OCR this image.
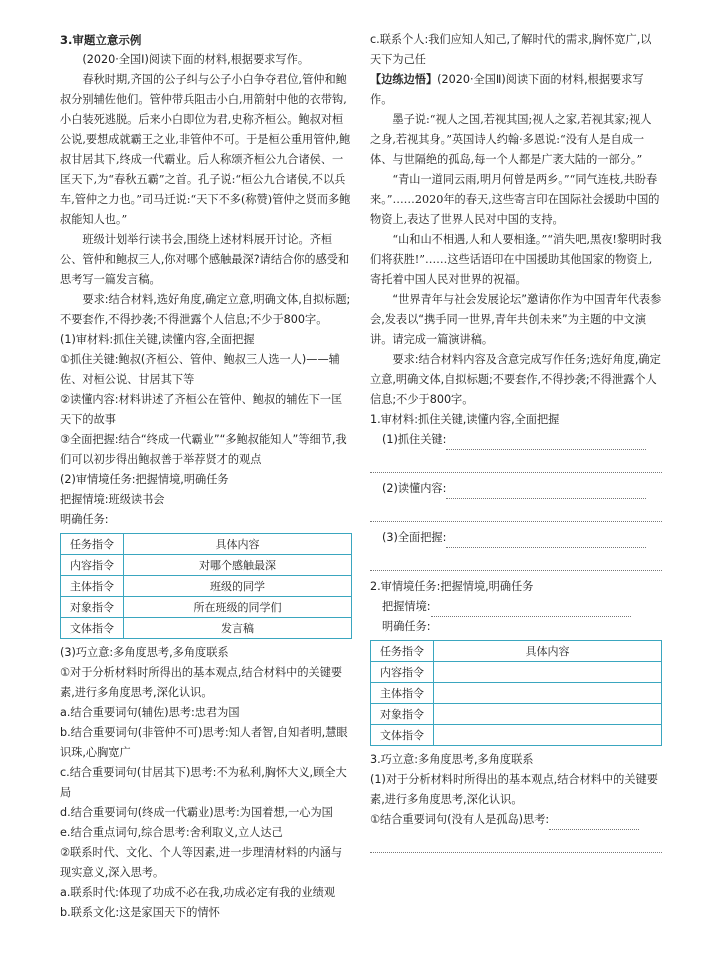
3.审题立意示例

(2020·全国Ⅰ)阅读下面的材料,根据要求写作。

春秋时期,齐国的公子纠与公子小白争夺君位,管仲和鲍叔分别辅佐他们。管仲带兵阻击小白,用箭射中他的衣带钩,小白装死逃脱。后来小白即位为君,史称齐桓公。鲍叔对桓公说,要想成就霸王之业,非管仲不可。于是桓公重用管仲,鲍叔甘居其下,终成一代霸业。后人称颂齐桓公九合诸侯、一匡天下,为“春秋五霸”之首。孔子说:“桓公九合诸侯,不以兵车,管仲之力也。”司马迁说:“天下不多(称赞)管仲之贤而多鲍叔能知人也。”

班级计划举行读书会,围绕上述材料展开讨论。齐桓公、管仲和鲍叔三人,你对哪个感触最深?请结合你的感受和思考写一篇发言稿。

要求:结合材料,选好角度,确定立意,明确文体,自拟标题;不要套作,不得抄袭;不得泄露个人信息;不少于800字。

(1)审材料:抓住关键,读懂内容,全面把握

①抓住关键:鲍叔(齐桓公、管仲、鲍叔三人选一人)——辅佐、对桓公说、甘居其下等

②读懂内容:材料讲述了齐桓公在管仲、鲍叔的辅佐下一匡天下的故事

③全面把握:结合“终成一代霸业”“多鲍叔能知人”等细节,我们可以初步得出鲍叔善于举荐贤才的观点

(2)审情境任务:把握情境,明确任务

把握情境:班级读书会

明确任务:

任务指令	具体内容
内容指令	对哪个感触最深
主体指令	班级的同学
对象指令	所在班级的同学们
文体指令	发言稿

(3)巧立意:多角度思考,多角度联系

①对于分析材料时所得出的基本观点,结合材料中的关键要素,进行多角度思考,深化认识。

a.结合重要词句(辅佐)思考:忠君为国

b.结合重要词句(非管仲不可)思考:知人者智,自知者明,慧眼识珠,心胸宽广

c.结合重要词句(甘居其下)思考:不为私利,胸怀大义,顾全大局

d.结合重要词句(终成一代霸业)思考:为国着想,一心为国

e.结合重点词句,综合思考:舍利取义,立人达己

②联系时代、文化、个人等因素,进一步理清材料的内涵与现实意义,深入思考。

a.联系时代:体现了功成不必在我,功成必定有我的业绩观

b.联系文化:这是家国天下的情怀

c.联系个人:我们应知人知己,了解时代的需求,胸怀宽广,以天下为己任

【边练边悟】(2020·全国Ⅱ)阅读下面的材料,根据要求写作。

墨子说:“视人之国,若视其国;视人之家,若视其家;视人之身,若视其身。”英国诗人约翰·多恩说:“没有人是自成一体、与世隔绝的孤岛,每一个人都是广袤大陆的一部分。”

“青山一道同云雨,明月何曾是两乡。”“同气连枝,共盼春来。”……2020年的春天,这些寄言印在国际社会援助中国的物资上,表达了世界人民对中国的支持。

“山和山不相遇,人和人要相逢。”“消失吧,黑夜!黎明时我们将获胜!”……这些话语印在中国援助其他国家的物资上,寄托着中国人民对世界的祝福。

“世界青年与社会发展论坛”邀请你作为中国青年代表参会,发表以“携手同一世界,青年共创未来”为主题的中文演讲。请完成一篇演讲稿。

要求:结合材料内容及含意完成写作任务;选好角度,确定立意,明确文体,自拟标题;不要套作,不得抄袭;不得泄露个人信息;不少于800字。

1.审材料:抓住关键,读懂内容,全面把握

(1)抓住关键:

(2)读懂内容:

(3)全面把握:

2.审情境任务:把握情境,明确任务

把握情境:

明确任务:

任务指令	具体内容
内容指令	
主体指令	
对象指令	
文体指令	

3.巧立意:多角度思考,多角度联系

(1)对于分析材料时所得出的基本观点,结合材料中的关键要素,进行多角度思考,深化认识。

①结合重要词句(没有人是孤岛)思考:
